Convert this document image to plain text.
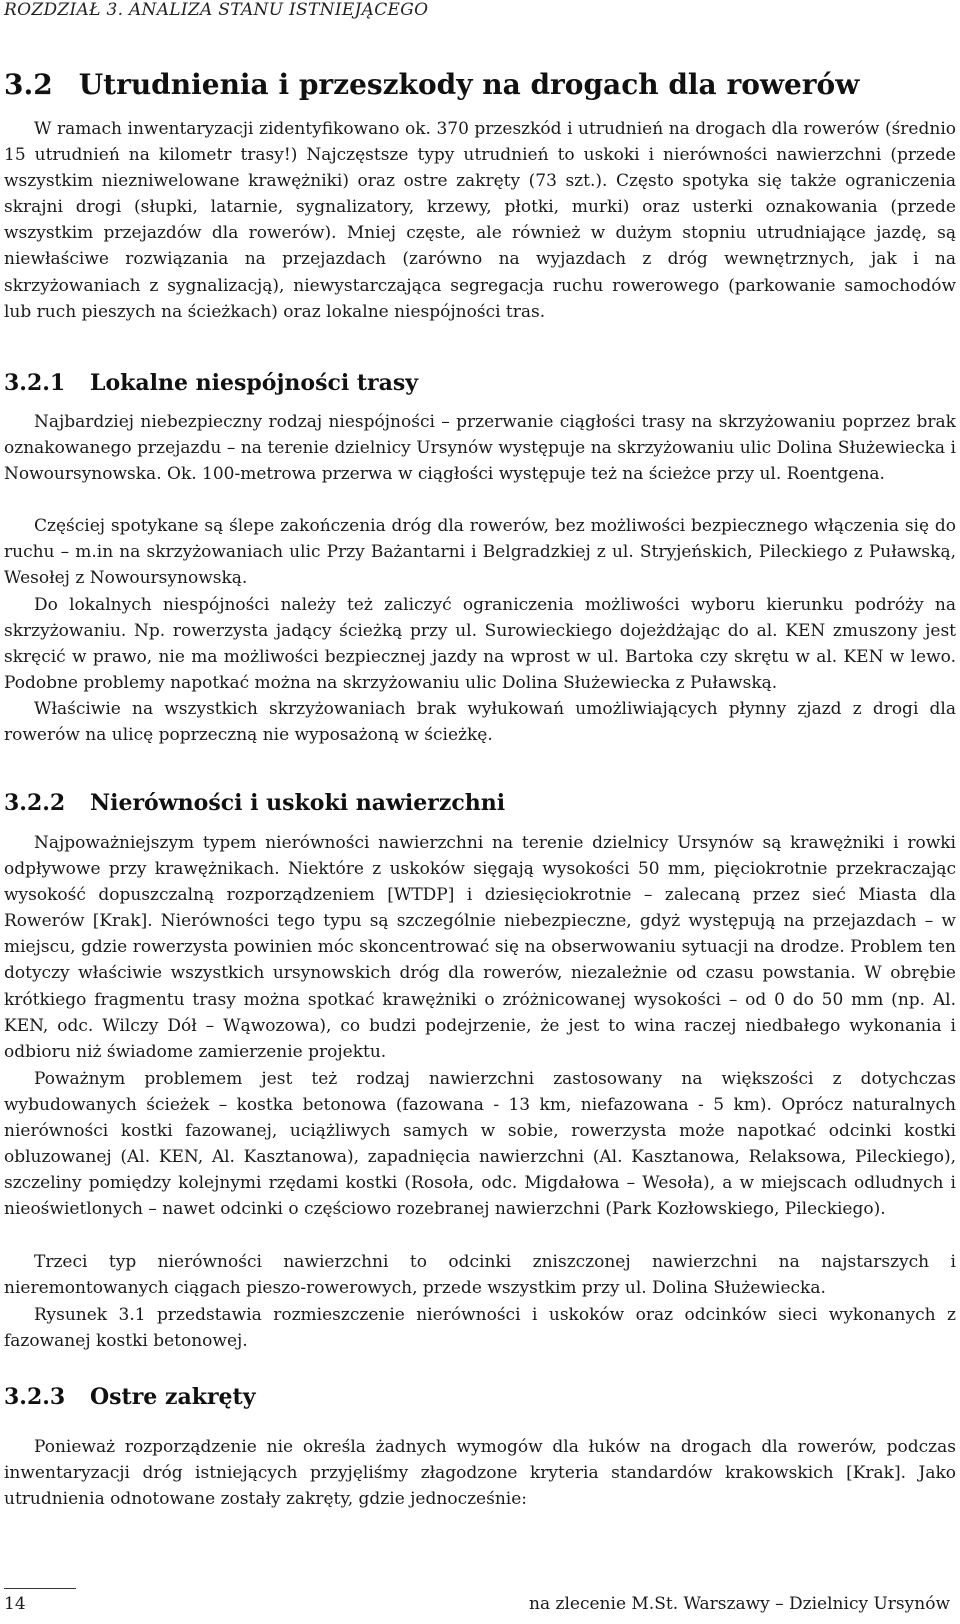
ROZDZIAŁ 3. ANALIZA STANU ISTNIEJĄCEGO
3.2 Utrudnienia i przeszkody na drogach dla rowerów

W ramach inwentaryzacji zidentyfikowano ok. 370 przeszkód i utrudnień na drogach dla rowerów (średnio 15 utrudnień na kilometr trasy!) Najczęstsze typy utrudnień to uskoki i nierówności nawierzchni (przede wszystkim niezniwelowane krawężniki) oraz ostre zakręty (73 szt.). Często spotyka się także ograniczenia skrajni drogi (słupki, latarnie, sygnalizatory, krzewy, płotki, murki) oraz usterki oznakowania (przede wszystkim przejazdów dla rowerów). Mniej częste, ale również w dużym stopniu utrudniające jazdę, są niewłaściwe rozwiązania na przejazdach (zarówno na wyjazdach z dróg wewnętrznych, jak i na skrzyżowaniach z sygnalizacją), niewystarczająca segregacja ruchu rowerowego (parkowanie samochodów lub ruch pieszych na ścieżkach) oraz lokalne niespójności tras.

3.2.1 Lokalne niespójności trasy

Najbardziej niebezpieczny rodzaj niespójności – przerwanie ciągłości trasy na skrzyżowaniu poprzez brak oznakowanego przejazdu – na terenie dzielnicy Ursynów występuje na skrzyżowaniu ulic Dolina Służewiecka i Nowoursynowska. Ok. 100-metrowa przerwa w ciągłości występuje też na ścieżce przy ul. Roentgena.

Częściej spotykane są ślepe zakończenia dróg dla rowerów, bez możliwości bezpiecznego włączenia się do ruchu – m.in na skrzyżowaniach ulic Przy Bażantarni i Belgradzkiej z ul. Stryjeńskich, Pileckiego z Puławską, Wesołej z Nowoursynowską.

Do lokalnych niespójności należy też zaliczyć ograniczenia możliwości wyboru kierunku podróży na skrzyżowaniu. Np. rowerzysta jadący ścieżką przy ul. Surowieckiego dojeżdżając do al. KEN zmuszony jest skręcić w prawo, nie ma możliwości bezpiecznej jazdy na wprost w ul. Bartoka czy skrętu w al. KEN w lewo. Podobne problemy napotkać można na skrzyżowaniu ulic Dolina Służewiecka z Puławską.

Właściwie na wszystkich skrzyżowaniach brak wyłukowań umożliwiających płynny zjazd z drogi dla rowerów na ulicę poprzeczną nie wyposażoną w ścieżkę.

3.2.2 Nierówności i uskoki nawierzchni

Najpoważniejszym typem nierówności nawierzchni na terenie dzielnicy Ursynów są krawężniki i rowki odpływowe przy krawężnikach. Niektóre z uskoków sięgają wysokości 50 mm, pięciokrotnie przekraczając wysokość dopuszczalną rozporządzeniem [WTDP] i dziesięciokrotnie – zalecaną przez sieć Miasta dla Rowerów [Krak]. Nierówności tego typu są szczególnie niebezpieczne, gdyż występują na przejazdach – w miejscu, gdzie rowerzysta powinien móc skoncentrować się na obserwowaniu sytuacji na drodze. Problem ten dotyczy właściwie wszystkich ursynowskich dróg dla rowerów, niezależnie od czasu powstania. W obrębie krótkiego fragmentu trasy można spotkać krawężniki o zróżnicowanej wysokości – od 0 do 50 mm (np. Al. KEN, odc. Wilczy Dół – Wąwozowa), co budzi podejrzenie, że jest to wina raczej niedbałego wykonania i odbioru niż świadome zamierzenie projektu.

Poważnym problemem jest też rodzaj nawierzchni zastosowany na większości z dotychczas wybudowanych ścieżek – kostka betonowa (fazowana - 13 km, niefazowana - 5 km). Oprócz naturalnych nierówności kostki fazowanej, uciążliwych samych w sobie, rowerzysta może napotkać odcinki kostki obluzowanej (Al. KEN, Al. Kasztanowa), zapadnięcia nawierzchni (Al. Kasztanowa, Relaksowa, Pileckiego), szczeliny pomiędzy kolejnymi rzędami kostki (Rosoła, odc. Migdałowa – Wesoła), a w miejscach odludnych i nieoświetlonych – nawet odcinki o częściowo rozebranej nawierzchni (Park Kozłowskiego, Pileckiego).

Trzeci typ nierówności nawierzchni to odcinki zniszczonej nawierzchni na najstarszych i nieremontowanych ciągach pieszo-rowerowych, przede wszystkim przy ul. Dolina Służewiecka.

Rysunek 3.1 przedstawia rozmieszczenie nierówności i uskoków oraz odcinków sieci wykonanych z fazowanej kostki betonowej.

3.2.3 Ostre zakręty

Ponieważ rozporządzenie nie określa żadnych wymogów dla łuków na drogach dla rowerów, podczas inwentaryzacji dróg istniejących przyjęliśmy złagodzone kryteria standardów krakowskich [Krak]. Jako utrudnienia odnotowane zostały zakręty, gdzie jednocześnie:

14	na zlecenie M.St. Warszawy – Dzielnicy Ursynów
